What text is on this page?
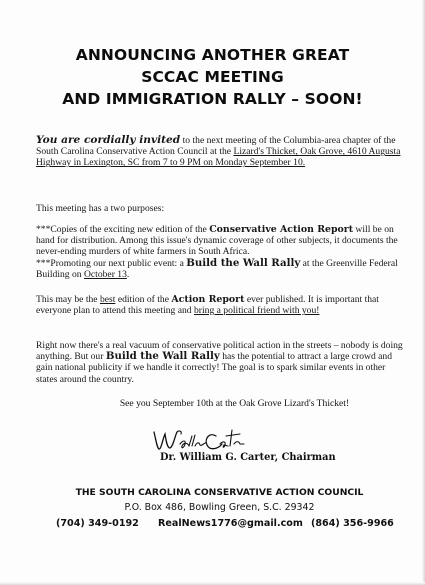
ANNOUNCING ANOTHER GREAT
SCCAC MEETING
AND IMMIGRATION RALLY – SOON!
You are cordially invited to the next meeting of the Columbia-area chapter of the South Carolina Conservative Action Council at the Lizard's Thicket, Oak Grove, 4610 Augusta Highway in Lexington, SC from 7 to 9 PM on Monday September 10.
This meeting has a two purposes:
***Copies of the exciting new edition of the Conservative Action Report will be on hand for distribution. Among this issue's dynamic coverage of other subjects, it documents the never-ending murders of white farmers in South Africa.
***Promoting our next public event: a Build the Wall Rally at the Greenville Federal Building on October 13.
This may be the best edition of the Action Report ever published. It is important that everyone plan to attend this meeting and bring a political friend with you!
Right now there's a real vacuum of conservative political action in the streets – nobody is doing anything. But our Build the Wall Rally has the potential to attract a large crowd and gain national publicity if we handle it correctly! The goal is to spark similar events in other states around the country.
See you September 10th at the Oak Grove Lizard's Thicket!
Dr. William G. Carter, Chairman
THE SOUTH CAROLINA CONSERVATIVE ACTION COUNCIL
P.O. Box 486, Bowling Green, S.C. 29342
(704) 349-0192 RealNews1776@gmail.com (864) 356-9966
